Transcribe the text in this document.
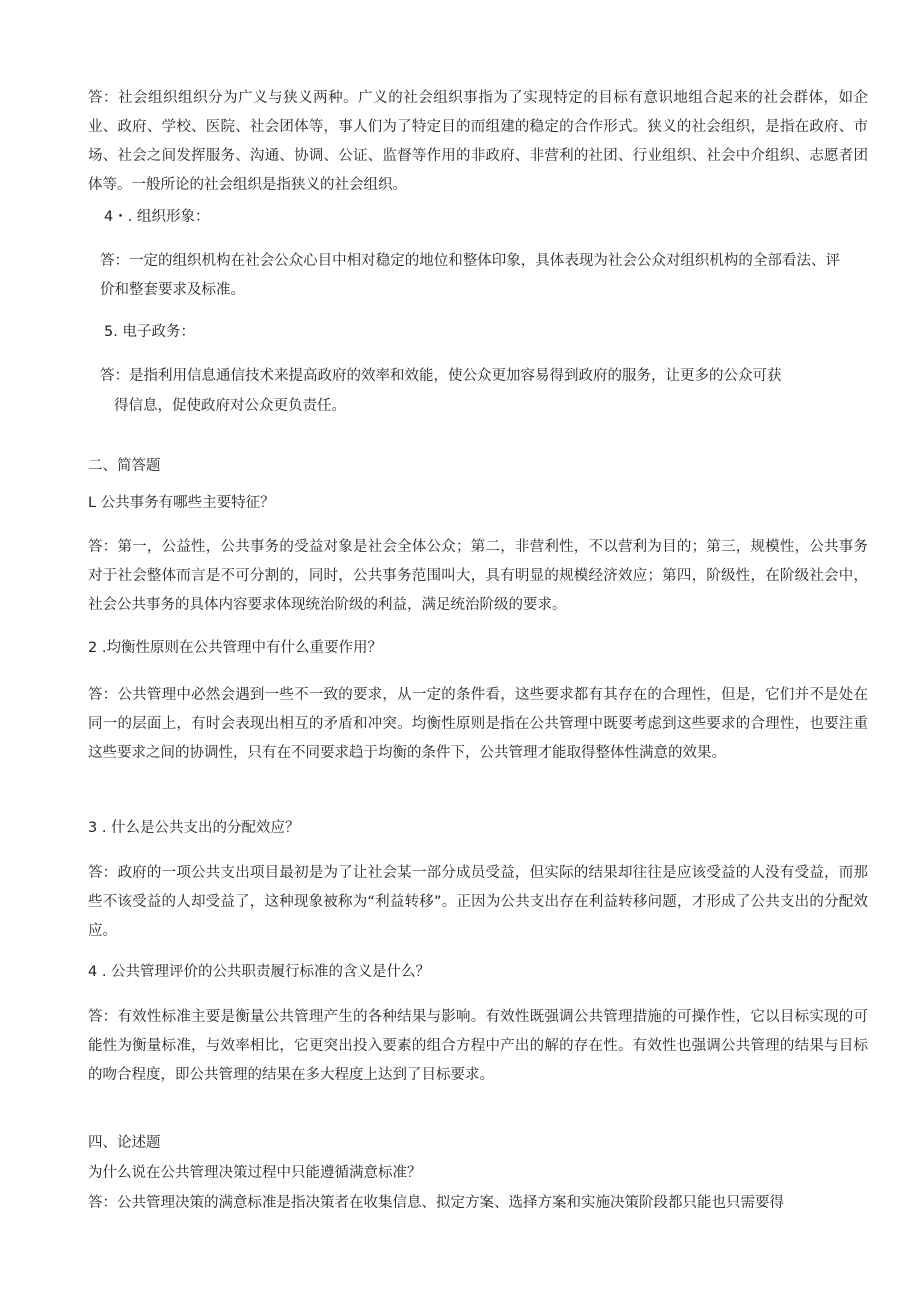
答：社会组织组织分为广义与狭义两种。广义的社会组织事指为了实现特定的目标有意识地组合起来的社会群体，如企业、政府、学校、医院、社会团体等，事人们为了特定目的而组建的稳定的合作形式。狭义的社会组织，是指在政府、市场、社会之间发挥服务、沟通、协调、公证、监督等作用的非政府、非营利的社团、行业组织、社会中介组织、志愿者团体等。一般所论的社会组织是指狭义的社会组织。

4・. 组织形象：

答：一定的组织机构在社会公众心目中相对稳定的地位和整体印象，具体表现为社会公众对组织机构的全部看法、评价和整套要求及标准。

5. 电子政务：

答：是指利用信息通信技术来提高政府的效率和效能，使公众更加容易得到政府的服务，让更多的公众可获

得信息，促使政府对公众更负责任。

二、简答题

L 公共事务有哪些主要特征？

答：第一，公益性，公共事务的受益对象是社会全体公众；第二，非营利性，不以营利为目的；第三，规模性，公共事务对于社会整体而言是不可分割的，同时，公共事务范围叫大，具有明显的规模经济效应；第四，阶级性，在阶级社会中，社会公共事务的具体内容要求体现统治阶级的利益，满足统治阶级的要求。

2 .均衡性原则在公共管理中有什么重要作用？

答：公共管理中必然会遇到一些不一致的要求，从一定的条件看，这些要求都有其存在的合理性，但是，它们并不是处在同一的层面上，有时会表现出相互的矛盾和冲突。均衡性原则是指在公共管理中既要考虑到这些要求的合理性，也要注重这些要求之间的协调性，只有在不同要求趋于均衡的条件下，公共管理才能取得整体性满意的效果。

3 . 什么是公共支出的分配效应？

答：政府的一项公共支出项目最初是为了让社会某一部分成员受益，但实际的结果却往往是应该受益的人没有受益，而那些不该受益的人却受益了，这种现象被称为“利益转移”。正因为公共支出存在利益转移问题，才形成了公共支出的分配效应。

4 . 公共管理评价的公共职责履行标准的含义是什么？

答：有效性标准主要是衡量公共管理产生的各种结果与影响。有效性既强调公共管理措施的可操作性，它以目标实现的可能性为衡量标准，与效率相比，它更突出投入要素的组合方程中产出的解的存在性。有效性也强调公共管理的结果与目标的吻合程度，即公共管理的结果在多大程度上达到了目标要求。

四、论述题

为什么说在公共管理决策过程中只能遵循满意标准？

答：公共管理决策的满意标准是指决策者在收集信息、拟定方案、选择方案和实施决策阶段都只能也只需要得
